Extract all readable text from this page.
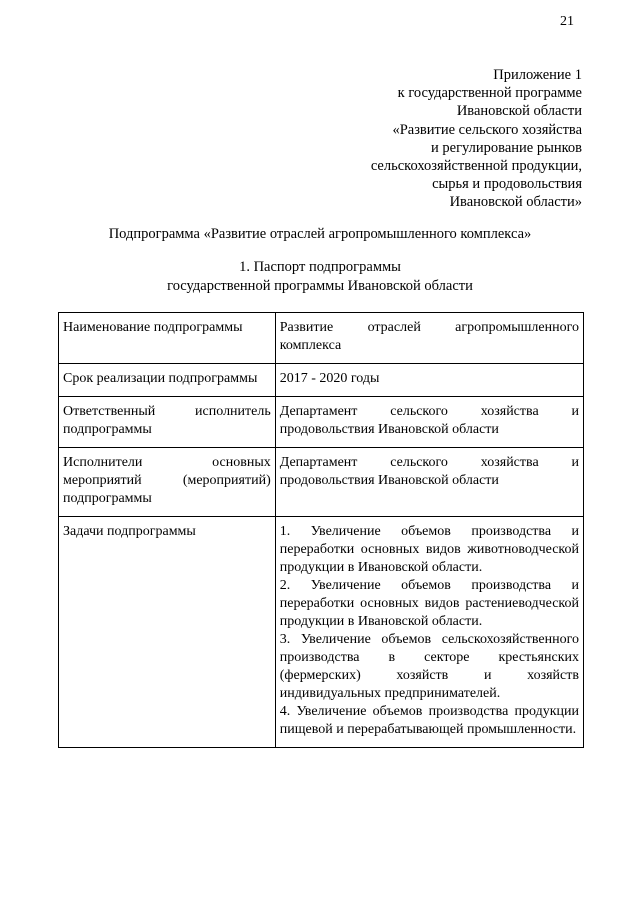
21
Приложение 1
к государственной программе
Ивановской области
«Развитие сельского хозяйства
и регулирование рынков
сельскохозяйственной продукции,
сырья и продовольствия
Ивановской области»
Подпрограмма «Развитие отраслей агропромышленного комплекса»
1. Паспорт подпрограммы
государственной программы Ивановской области
Наименование подпрограммы	Развитие отраслей агропромышленного комплекса
Срок реализации подпрограммы	2017 - 2020 годы
Ответственный исполнитель подпрограммы	Департамент сельского хозяйства и продовольствия Ивановской области
Исполнители основных мероприятий (мероприятий) подпрограммы	Департамент сельского хозяйства и продовольствия Ивановской области
Задачи подпрограммы	1. Увеличение объемов производства и переработки основных видов животноводческой продукции в Ивановской области.
2. Увеличение объемов производства и переработки основных видов растениеводческой продукции в Ивановской области.
3. Увеличение объемов сельскохозяйственного производства в секторе крестьянских (фермерских) хозяйств и хозяйств индивидуальных предпринимателей.
4. Увеличение объемов производства продукции пищевой и перерабатывающей промышленности.
